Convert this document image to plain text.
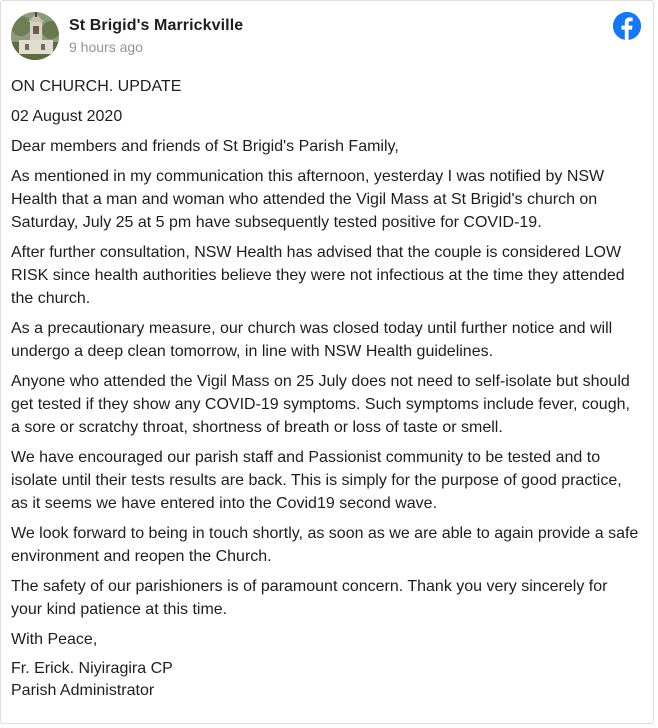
St Brigid's Marrickville
9 hours ago

ON CHURCH. UPDATE

02 August 2020

Dear members and friends of St Brigid's Parish Family,

As mentioned in my communication this afternoon, yesterday I was notified by NSW Health that a man and woman who attended the Vigil Mass at St Brigid's church on Saturday, July 25 at 5 pm have subsequently tested positive for COVID-19.

After further consultation, NSW Health has advised that the couple is considered LOW RISK since health authorities believe they were not infectious at the time they attended the church.

As a precautionary measure, our church was closed today until further notice and will undergo a deep clean tomorrow, in line with NSW Health guidelines.

Anyone who attended the Vigil Mass on 25 July does not need to self-isolate but should get tested if they show any COVID-19 symptoms. Such symptoms include fever, cough, a sore or scratchy throat, shortness of breath or loss of taste or smell.

We have encouraged our parish staff and Passionist community to be tested and to isolate until their tests results are back. This is simply for the purpose of good practice, as it seems we have entered into the Covid19 second wave.

We look forward to being in touch shortly, as soon as we are able to again provide a safe environment and reopen the Church.

The safety of our parishioners is of paramount concern. Thank you very sincerely for your kind patience at this time.

With Peace,

Fr. Erick. Niyiragira CP
Parish Administrator
